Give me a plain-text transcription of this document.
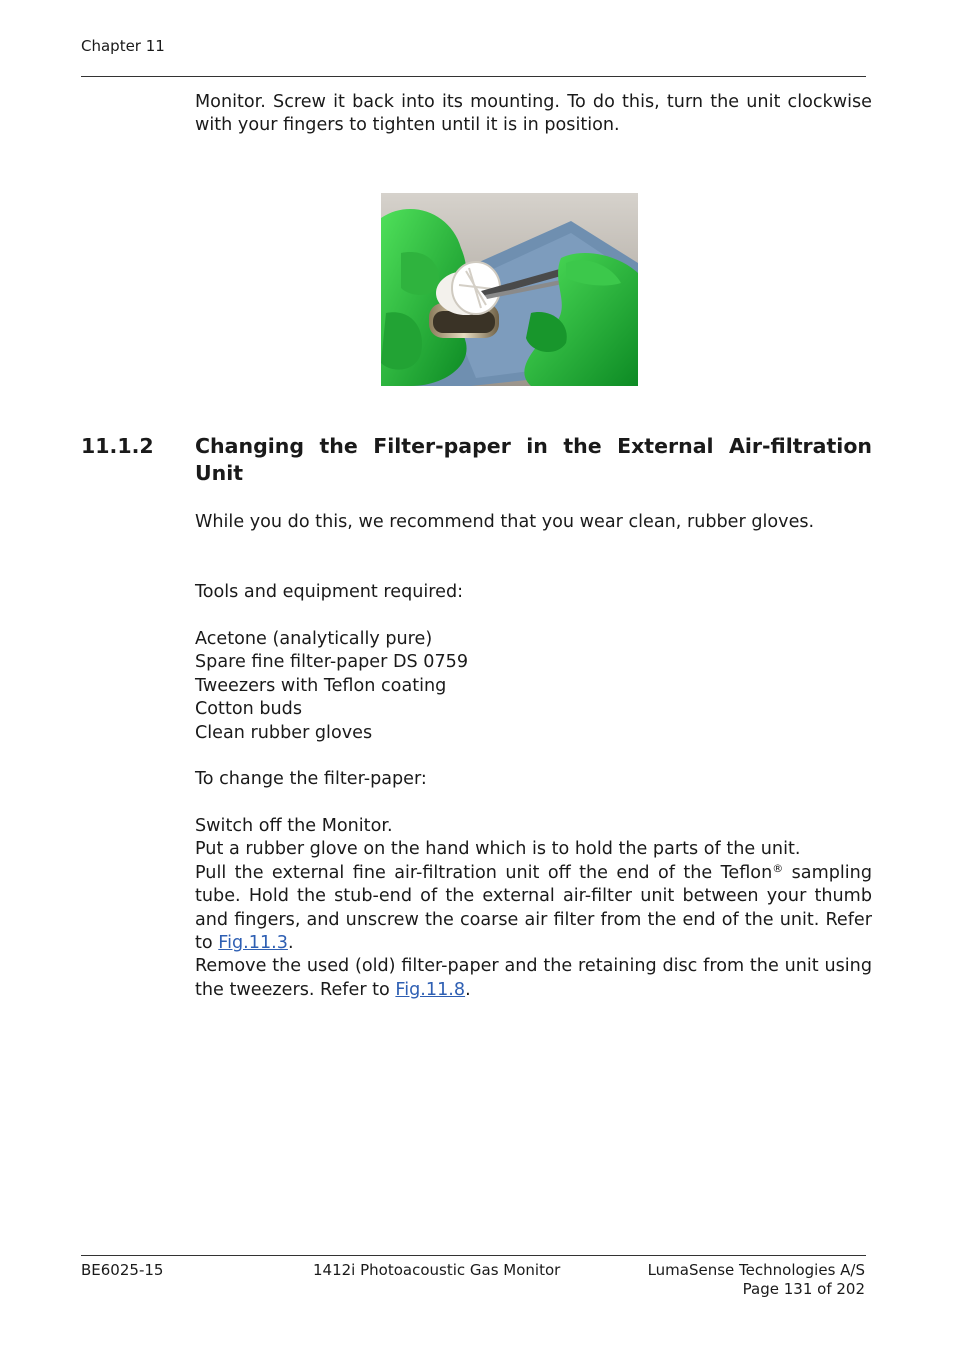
Chapter 11
Monitor. Screw it back into its mounting. To do this, turn the unit clockwise with your fingers to tighten until it is in position.
11.1.2 Changing the Filter-paper in the External Air-filtration Unit
While you do this, we recommend that you wear clean, rubber gloves.
Tools and equipment required:
Acetone (analytically pure)
Spare fine filter-paper DS 0759
Tweezers with Teflon coating
Cotton buds
Clean rubber gloves
To change the filter-paper:
Switch off the Monitor.
Put a rubber glove on the hand which is to hold the parts of the unit.
Pull the external fine air-filtration unit off the end of the Teflon® sampling tube. Hold the stub-end of the external air-filter unit between your thumb and fingers, and unscrew the coarse air filter from the end of the unit. Refer to Fig.11.3.
Remove the used (old) filter-paper and the retaining disc from the unit using the tweezers. Refer to Fig.11.8.
BE6025-15	1412i Photoacoustic Gas Monitor	LumaSense Technologies A/S
Page 131 of 202
